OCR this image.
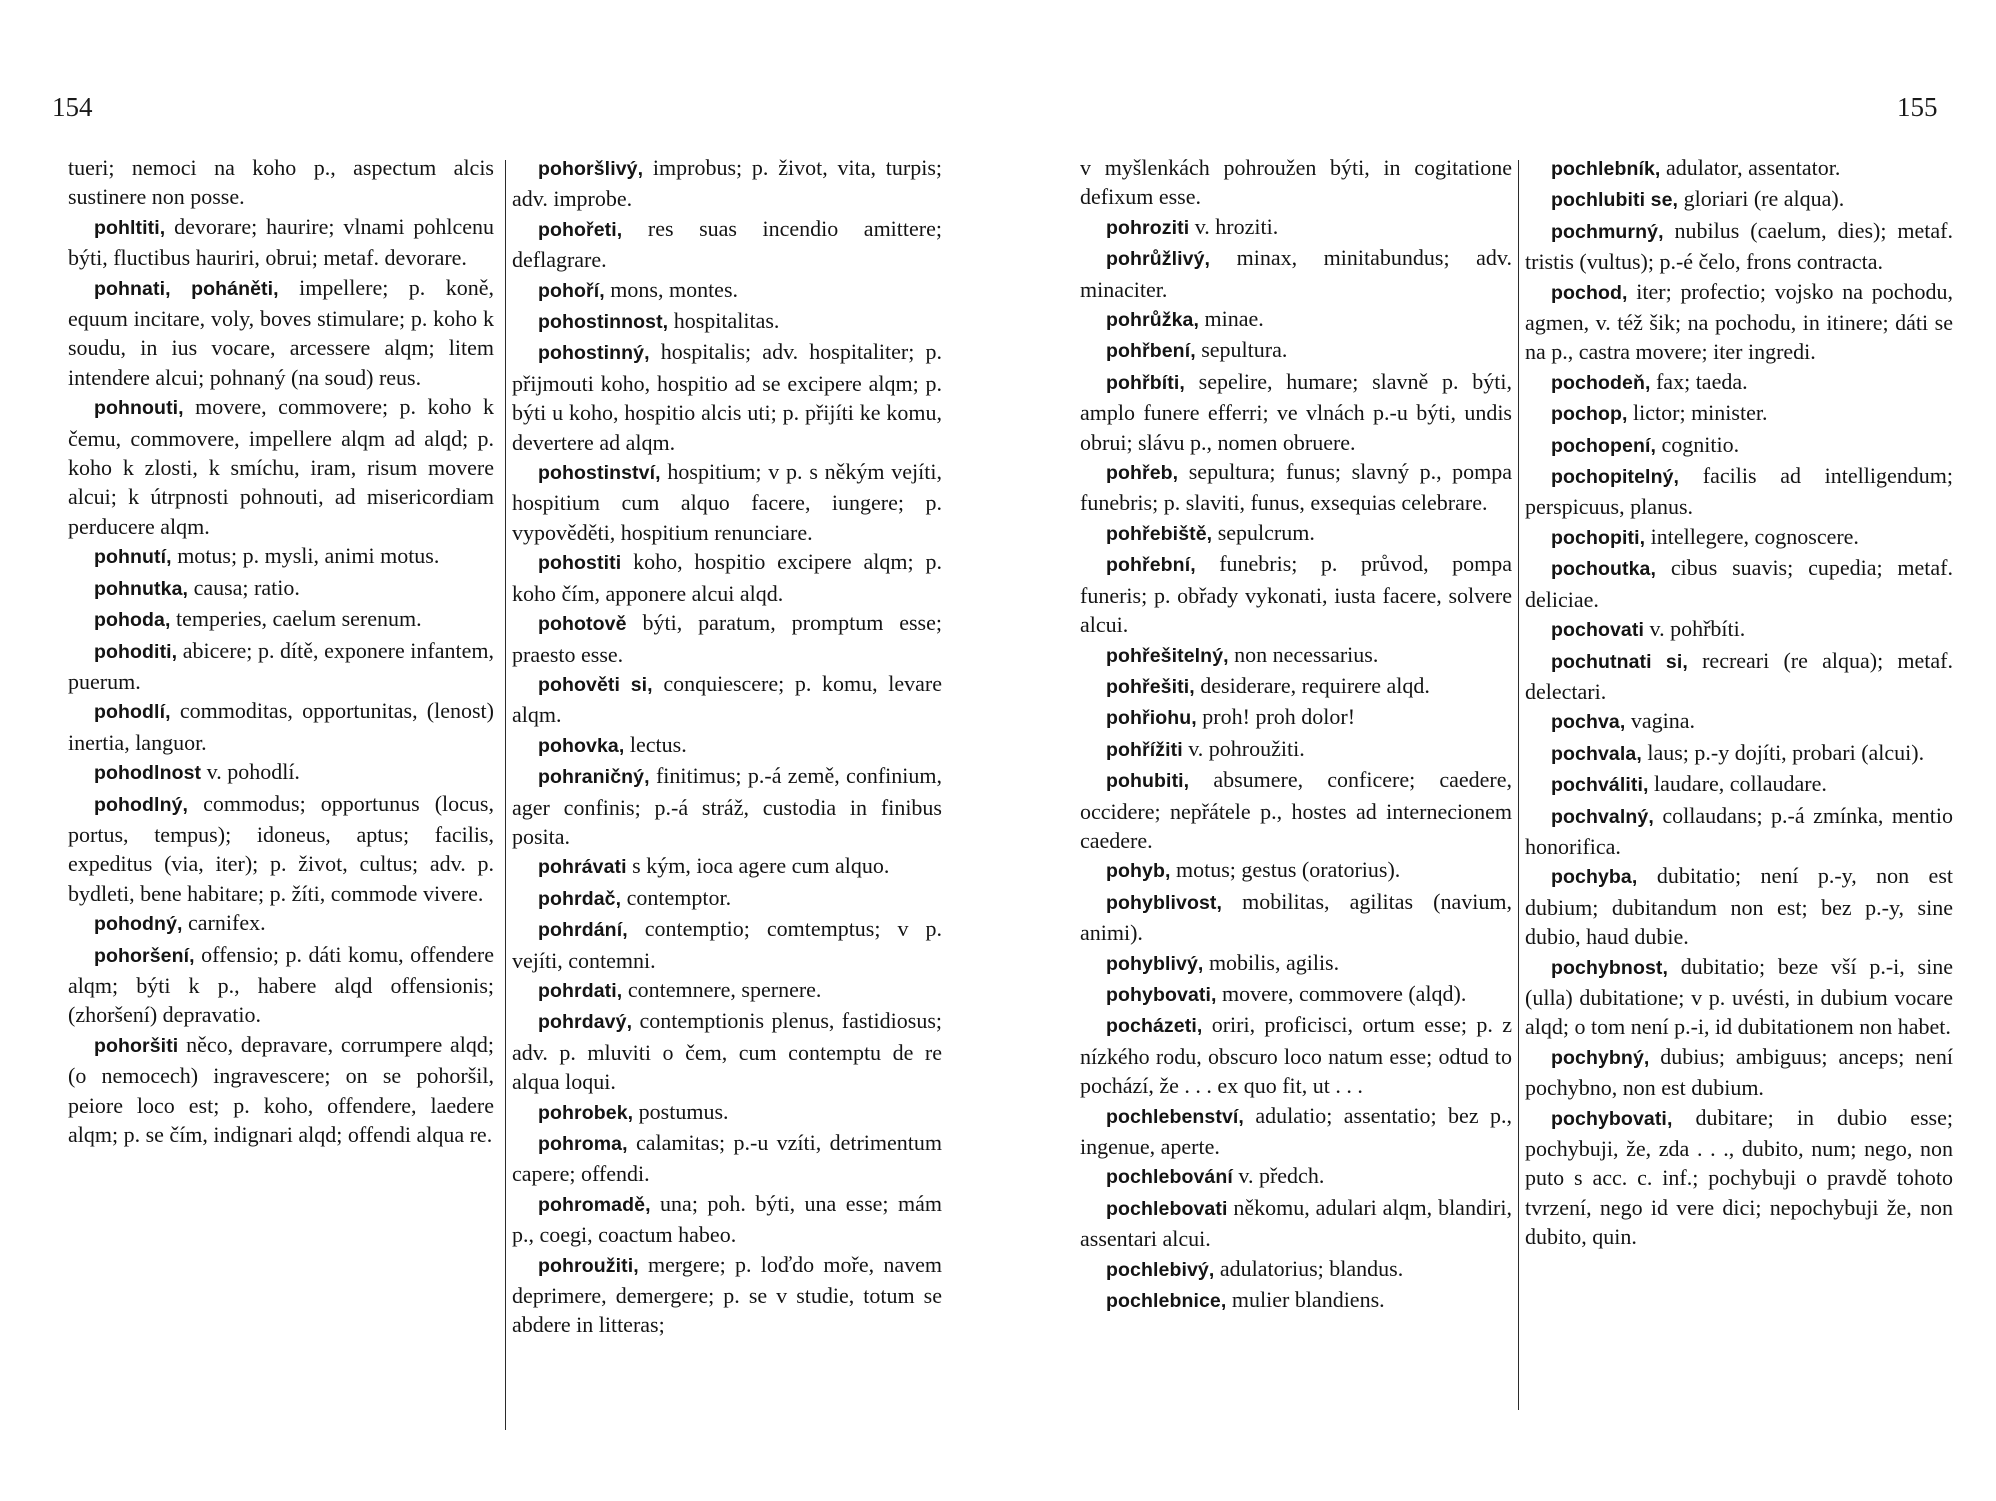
154	155

tueri; nemoci na koho p., aspectum alcis sustinere non posse.

pohltiti, devorare; haurire; vlnami pohlcenu býti, fluctibus hauriri, obrui; metaf. devorare.

pohnati, poháněti, impellere; p. koně, equum incitare, voly, boves stimulare; p. koho k soudu, in ius vocare, arcessere alqm; litem intendere alcui; pohnaný (na soud) reus.

pohnouti, movere, commovere; p. koho k čemu, commovere, impellere alqm ad alqd; p. koho k zlosti, k smíchu, iram, risum movere alcui; k útrpnosti pohnouti, ad misericordiam perducere alqm.

pohnutí, motus; p. mysli, animi motus.

pohnutka, causa; ratio.

pohoda, temperies, caelum serenum.

pohoditi, abicere; p. dítě, exponere infantem, puerum.

pohodlí, commoditas, opportunitas, (lenost) inertia, languor.

pohodlnost v. pohodlí.

pohodlný, commodus; opportunus (locus, portus, tempus); idoneus, aptus; facilis, expeditus (via, iter); p. život, cultus; adv. p. bydleti, bene habitare; p. žíti, commode vivere.

pohodný, carnifex.

pohoršení, offensio; p. dáti komu, offendere alqm; býti k p., habere alqd offensionis; (zhoršení) depravatio.

pohoršiti něco, depravare, corrumpere alqd; (o nemocech) ingravescere; on se pohoršil, peiore loco est; p. koho, offendere, laedere alqm; p. se čím, indignari alqd; offendi alqua re.

pohoršlivý, improbus; p. život, vita, turpis; adv. improbe.

pohořeti, res suas incendio amittere; deflagrare.

pohoří, mons, montes.

pohostinnost, hospitalitas.

pohostinný, hospitalis; adv. hospitaliter; p. přijmouti koho, hospitio ad se excipere alqm; p. býti u koho, hospitio alcis uti; p. přijíti ke komu, devertere ad alqm.

pohostinství, hospitium; v p. s někým vejíti, hospitium cum alquo facere, iungere; p. vypověděti, hospitium renunciare.

pohostiti koho, hospitio excipere alqm; p. koho čím, apponere alcui alqd.

pohotově býti, paratum, promptum esse; praesto esse.

pohověti si, conquiescere; p. komu, levare alqm.

pohovka, lectus.

pohraničný, finitimus; p.-á země, confinium, ager confinis; p.-á stráž, custodia in finibus posita.

pohrávati s kým, ioca agere cum alquo.

pohrdač, contemptor.

pohrdání, contemptio; comtemptus; v p. vejíti, contemni.

pohrdati, contemnere, spernere.

pohrdavý, contemptionis plenus, fastidiosus; adv. p. mluviti o čem, cum contemptu de re alqua loqui.

pohrobek, postumus.

pohroma, calamitas; p.-u vzíti, detrimentum capere; offendi.

pohromadě, una; poh. býti, una esse; mám p., coegi, coactum habeo.

pohroužiti, mergere; p. loďdo moře, navem deprimere, demergere; p. se v studie, totum se abdere in litteras;

v myšlenkách pohroužen býti, in cogitatione defixum esse.

pohroziti v. hroziti.

pohrůžlivý, minax, minitabundus; adv. minaciter.

pohrůžka, minae.

pohřbení, sepultura.

pohřbíti, sepelire, humare; slavně p. býti, amplo funere efferri; ve vlnách p.-u býti, undis obrui; slávu p., nomen obruere.

pohřeb, sepultura; funus; slavný p., pompa funebris; p. slaviti, funus, exsequias celebrare.

pohřebiště, sepulcrum.

pohřební, funebris; p. průvod, pompa funeris; p. obřady vykonati, iusta facere, solvere alcui.

pohřešitelný, non necessarius.

pohřešiti, desiderare, requirere alqd.

pohřiohu, proh! proh dolor!

pohřížiti v. pohroužiti.

pohubiti, absumere, conficere; caedere, occidere; nepřátele p., hostes ad internecionem caedere.

pohyb, motus; gestus (oratorius).

pohyblivost, mobilitas, agilitas (navium, animi).

pohyblivý, mobilis, agilis.

pohybovati, movere, commovere (alqd).

pocházeti, oriri, proficisci, ortum esse; p. z nízkého rodu, obscuro loco natum esse; odtud to pochází, že . . . ex quo fit, ut . . .

pochlebenství, adulatio; assentatio; bez p., ingenue, aperte.

pochlebování v. předch.

pochlebovati někomu, adulari alqm, blandiri, assentari alcui.

pochlebivý, adulatorius; blandus.

pochlebnice, mulier blandiens.

pochlebník, adulator, assentator.

pochlubiti se, gloriari (re alqua).

pochmurný, nubilus (caelum, dies); metaf. tristis (vultus); p.-é čelo, frons contracta.

pochod, iter; profectio; vojsko na pochodu, agmen, v. též šik; na pochodu, in itinere; dáti se na p., castra movere; iter ingredi.

pochodeň, fax; taeda.

pochop, lictor; minister.

pochopení, cognitio.

pochopitelný, facilis ad intelligendum; perspicuus, planus.

pochopiti, intellegere, cognoscere.

pochoutka, cibus suavis; cupedia; metaf. deliciae.

pochovati v. pohřbíti.

pochutnati si, recreari (re alqua); metaf. delectari.

pochva, vagina.

pochvala, laus; p.-y dojíti, probari (alcui).

pochváliti, laudare, collaudare.

pochvalný, collaudans; p.-á zmínka, mentio honorifica.

pochyba, dubitatio; není p.-y, non est dubium; dubitandum non est; bez p.-y, sine dubio, haud dubie.

pochybnost, dubitatio; beze vší p.-i, sine (ulla) dubitatione; v p. uvésti, in dubium vocare alqd; o tom není p.-i, id dubitationem non habet.

pochybný, dubius; ambiguus; anceps; není pochybno, non est dubium.

pochybovati, dubitare; in dubio esse; pochybuji, že, zda . . ., dubito, num; nego, non puto s acc. c. inf.; pochybuji o pravdě tohoto tvrzení, nego id vere dici; nepochybuji že, non dubito, quin.
